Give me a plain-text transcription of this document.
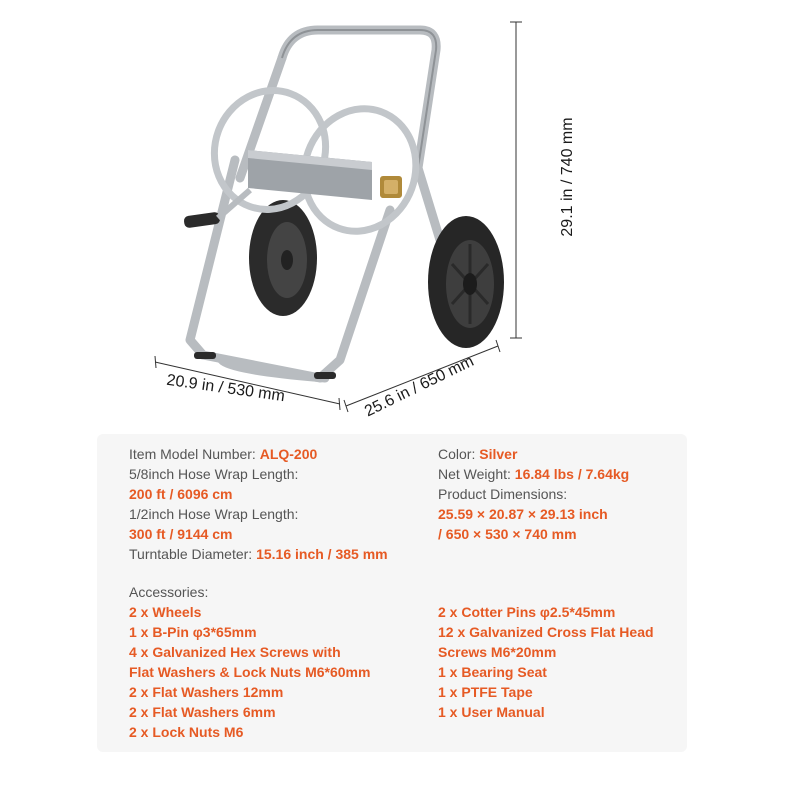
29.1 in / 740 mm
20.9 in / 530 mm	25.6 in / 650 mm
Item Model Number: ALQ-200
5/8inch Hose Wrap Length:
200 ft / 6096 cm
1/2inch Hose Wrap Length:
300 ft / 9144 cm
Turntable Diameter: 15.16 inch / 385 mm
Color: Silver
Net Weight: 16.84 lbs / 7.64kg
Product Dimensions:
25.59 × 20.87 × 29.13 inch
/ 650 × 530 × 740 mm
Accessories:
2 x Wheels
1 x B-Pin φ3*65mm
4 x Galvanized Hex Screws with
Flat Washers & Lock Nuts M6*60mm
2 x Flat Washers 12mm
2 x Flat Washers 6mm
2 x Lock Nuts M6
2 x Cotter Pins φ2.5*45mm
12 x Galvanized Cross Flat Head
Screws M6*20mm
1 x Bearing Seat
1 x PTFE Tape
1 x User Manual
